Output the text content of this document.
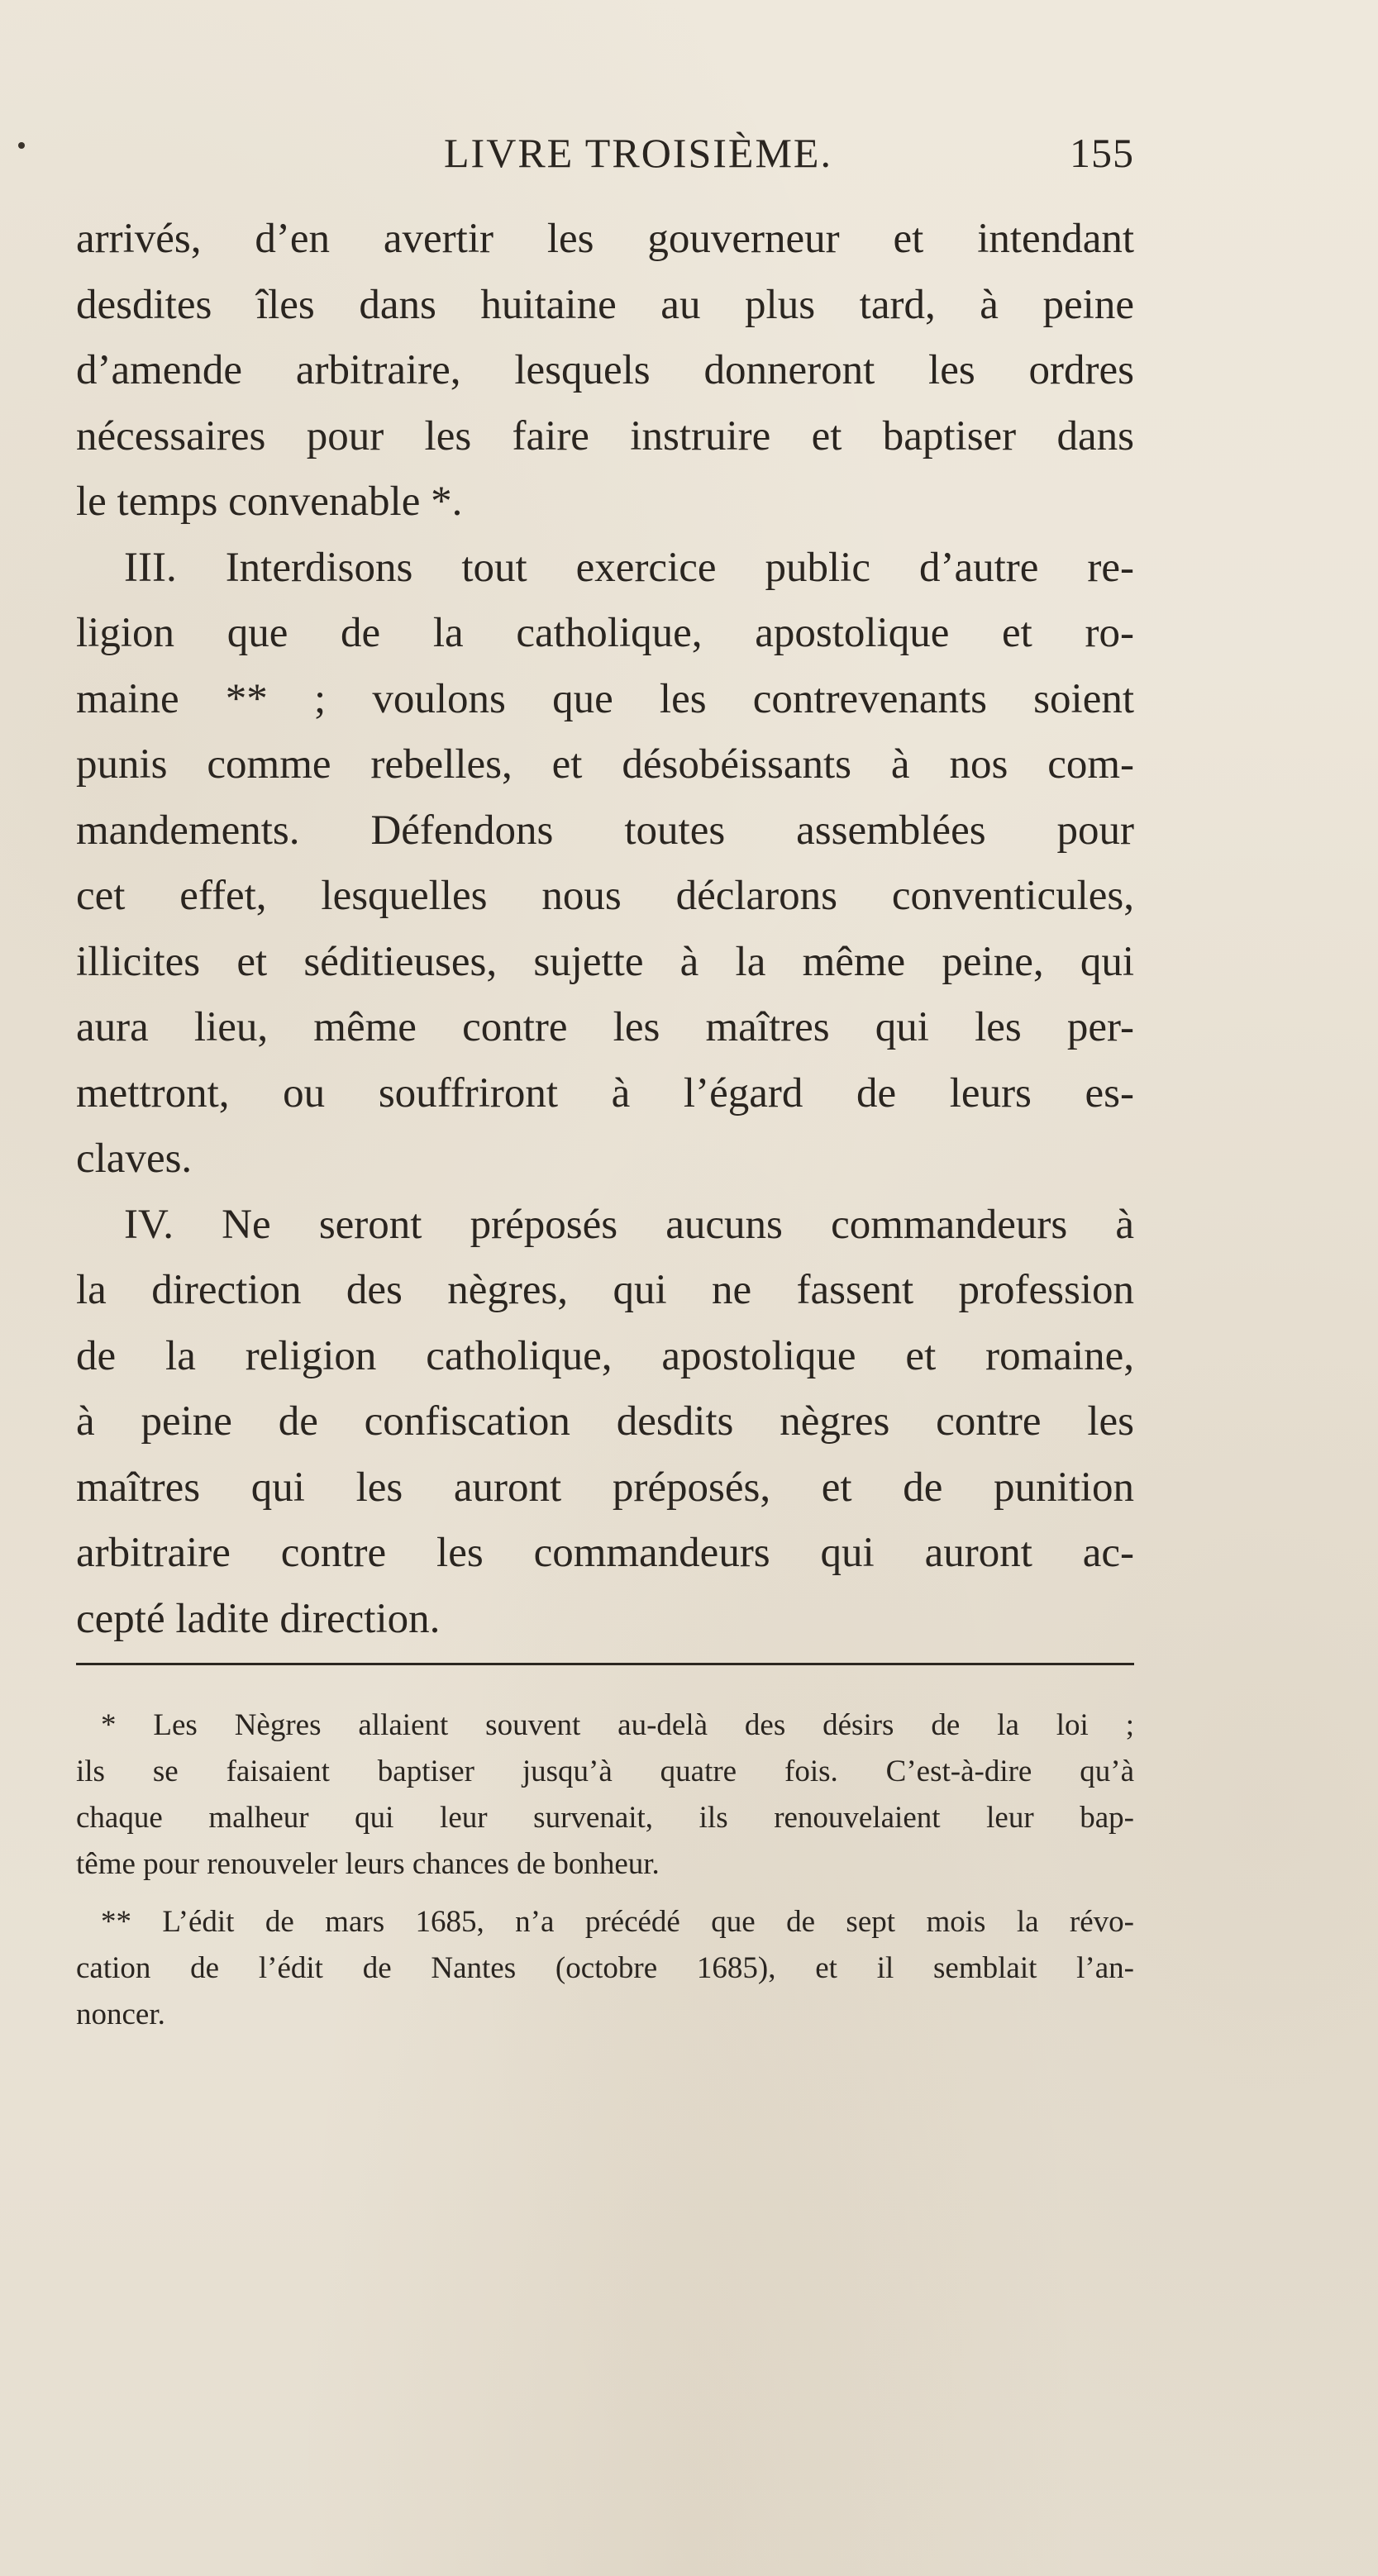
LIVRE TROISIÈME.	155

arrivés, d’en avertir les gouverneur et intendant
desdites îles dans huitaine au plus tard, à peine
d’amende arbitraire, lesquels donneront les ordres
nécessaires pour les faire instruire et baptiser dans
le temps convenable *.

III. Interdisons tout exercice public d’autre re-
ligion que de la catholique, apostolique et ro-
maine ** ; voulons que les contrevenants soient
punis comme rebelles, et désobéissants à nos com-
mandements. Défendons toutes assemblées pour
cet effet, lesquelles nous déclarons conventicules,
illicites et séditieuses, sujette à la même peine, qui
aura lieu, même contre les maîtres qui les per-
mettront, ou souffriront à l’égard de leurs es-
claves.

IV. Ne seront préposés aucuns commandeurs à
la direction des nègres, qui ne fassent profession
de la religion catholique, apostolique et romaine,
à peine de confiscation desdits nègres contre les
maîtres qui les auront préposés, et de punition
arbitraire contre les commandeurs qui auront ac-
cepté ladite direction.

* Les Nègres allaient souvent au-delà des désirs de la loi ;
ils se faisaient baptiser jusqu’à quatre fois. C’est-à-dire qu’à
chaque malheur qui leur survenait, ils renouvelaient leur bap-
tême pour renouveler leurs chances de bonheur.

** L’édit de mars 1685, n’a précédé que de sept mois la révo-
cation de l’édit de Nantes (octobre 1685), et il semblait l’an-
noncer.
